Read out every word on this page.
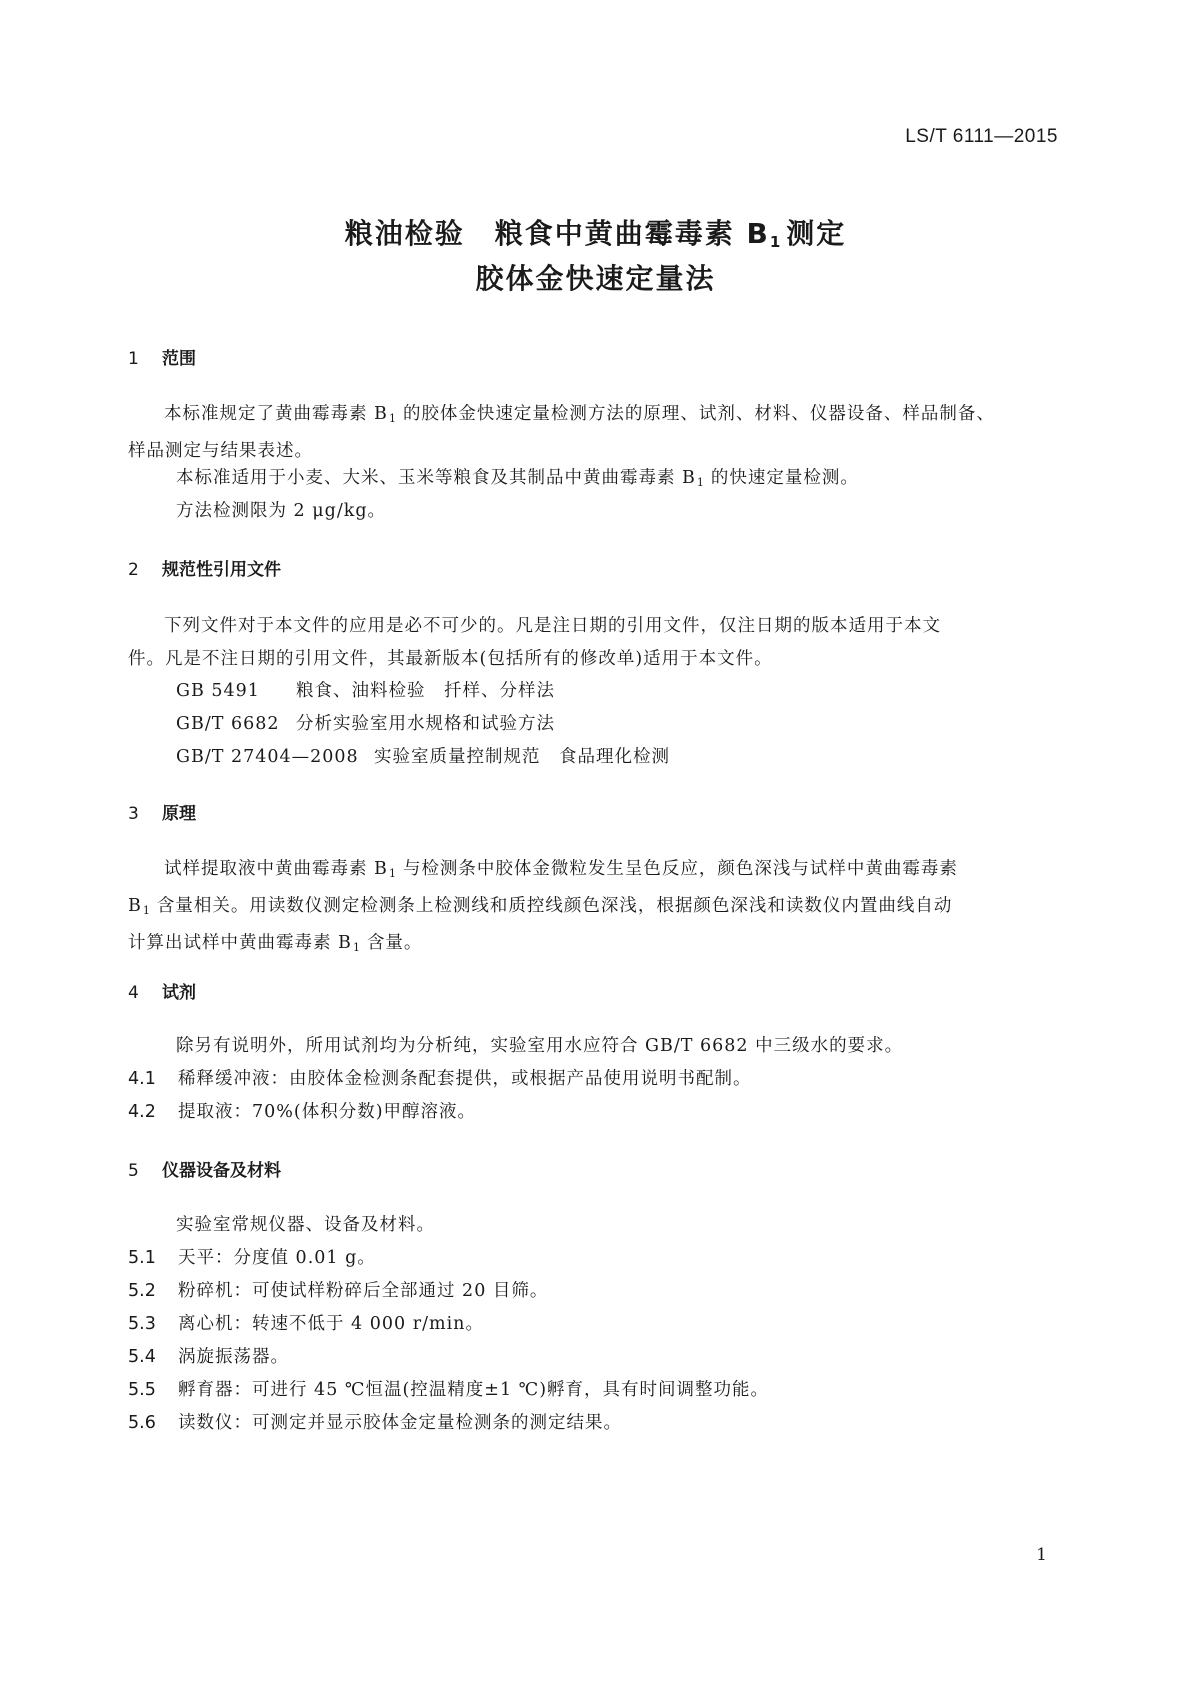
LS/T 6111—2015
粮油检验　粮食中黄曲霉毒素 $B_1$ 测定
胶体金快速定量法
1 范围
本标准规定了黄曲霉毒素 $B_1$ 的胶体金快速定量检测方法的原理、试剂、材料、仪器设备、样品制备、
样品测定与结果表述。
本标准适用于小麦、大米、玉米等粮食及其制品中黄曲霉毒素 $B_1$ 的快速定量检测。
方法检测限为 2 μg/kg。
2 规范性引用文件
下列文件对于本文件的应用是必不可少的。凡是注日期的引用文件，仅注日期的版本适用于本文
件。凡是不注日期的引用文件，其最新版本(包括所有的修改单)适用于本文件。
GB 5491 粮食、油料检验　扦样、分样法
GB/T 6682 分析实验室用水规格和试验方法
GB/T 27404—2008 实验室质量控制规范　食品理化检测
3 原理
试样提取液中黄曲霉毒素 $B_1$ 与检测条中胶体金微粒发生呈色反应，颜色深浅与试样中黄曲霉毒素
$B_1$ 含量相关。用读数仪测定检测条上检测线和质控线颜色深浅，根据颜色深浅和读数仪内置曲线自动
计算出试样中黄曲霉毒素 $B_1$ 含量。
4 试剂
除另有说明外，所用试剂均为分析纯，实验室用水应符合 GB/T 6682 中三级水的要求。
4.1 稀释缓冲液：由胶体金检测条配套提供，或根据产品使用说明书配制。
4.2 提取液：70%(体积分数)甲醇溶液。
5 仪器设备及材料
实验室常规仪器、设备及材料。
5.1 天平：分度值 0.01 g。
5.2 粉碎机：可使试样粉碎后全部通过 20 目筛。
5.3 离心机：转速不低于 4 000 r/min。
5.4 涡旋振荡器。
5.5 孵育器：可进行 45 ℃恒温(控温精度±1 ℃)孵育，具有时间调整功能。
5.6 读数仪：可测定并显示胶体金定量检测条的测定结果。
1
